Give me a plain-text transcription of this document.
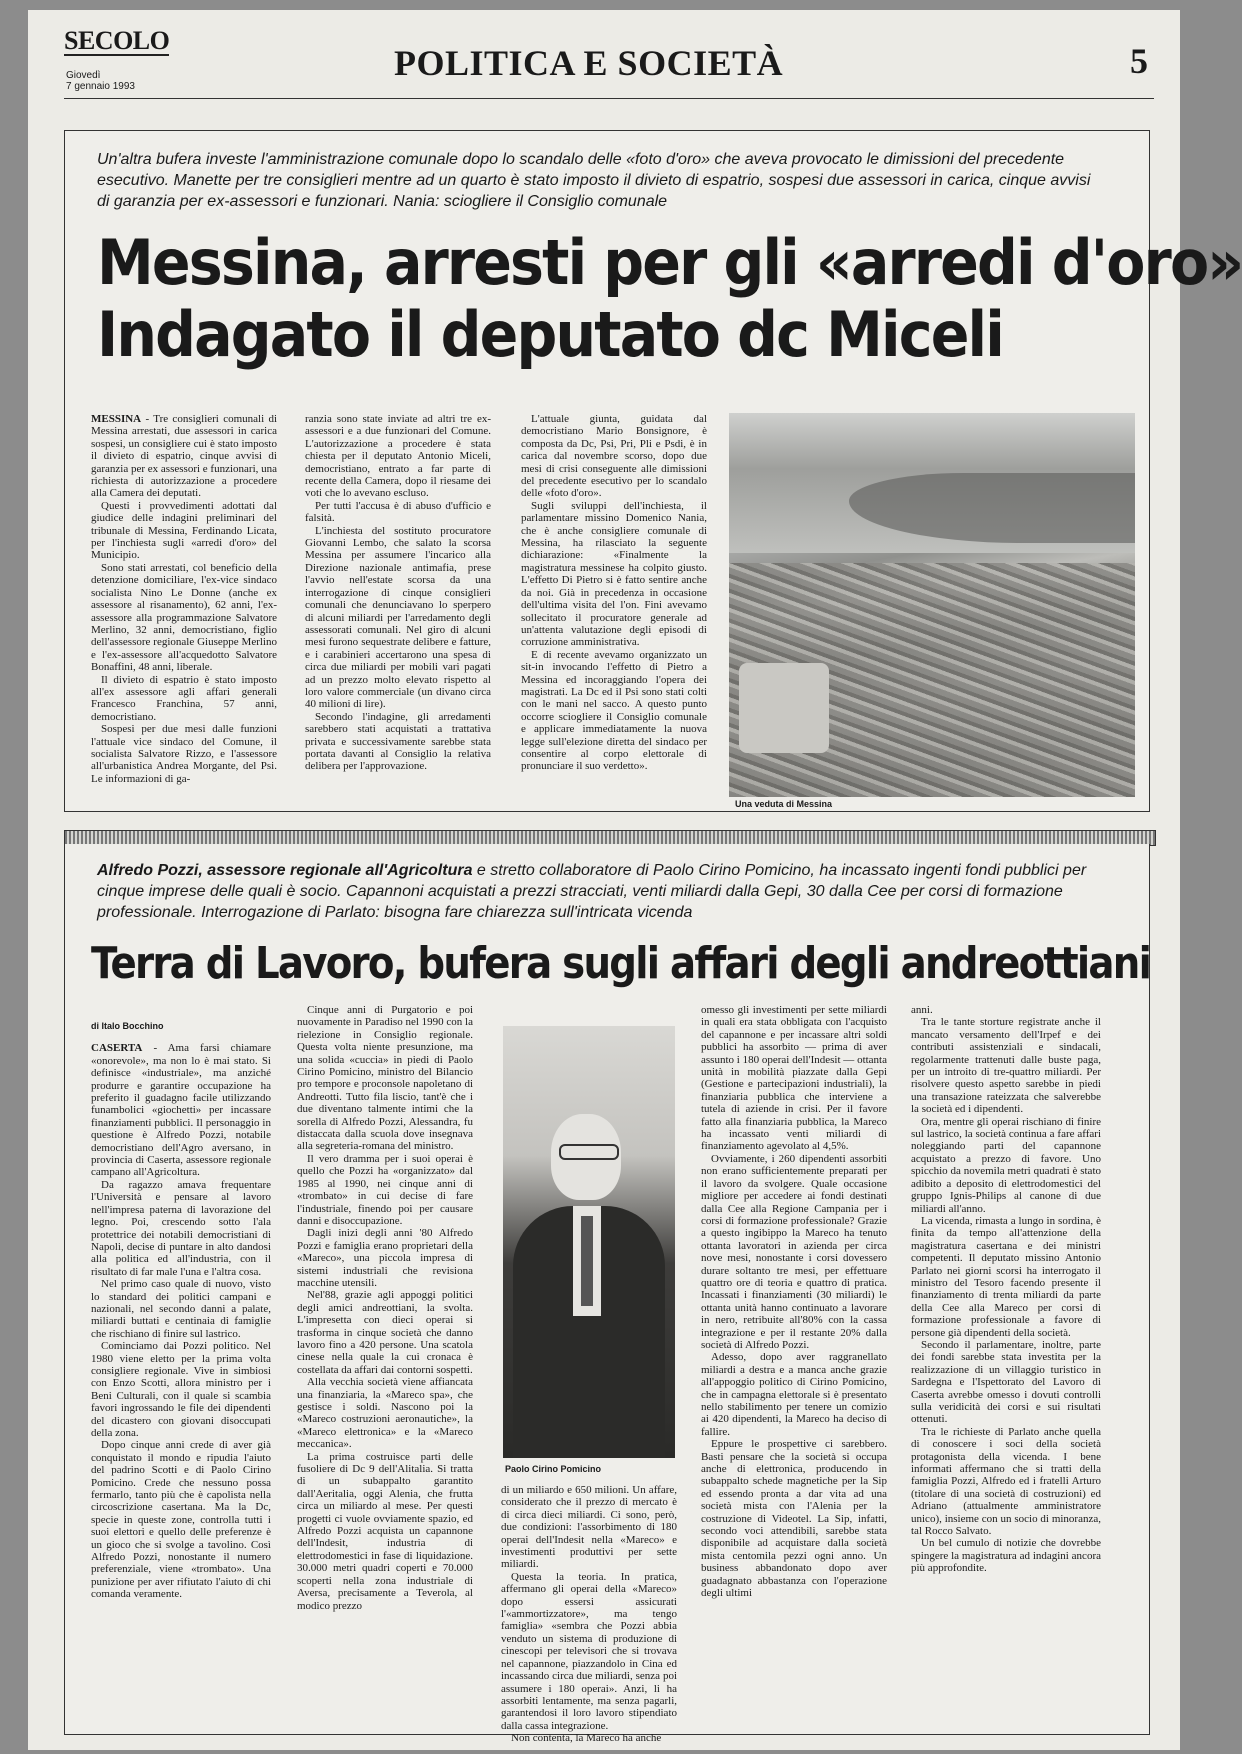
SECOLO
Giovedì
7 gennaio 1993
POLITICA E SOCIETÀ	5
Un'altra bufera investe l'amministrazione comunale dopo lo scandalo delle «foto d'oro» che aveva provocato le dimissioni del precedente esecutivo. Manette per tre consiglieri mentre ad un quarto è stato imposto il divieto di espatrio, sospesi due assessori in carica, cinque avvisi di garanzia per ex-assessori e funzionari. Nania: sciogliere il Consiglio comunale
Messina, arresti per gli «arredi d'oro»
Indagato il deputato dc Miceli

MESSINA - Tre consiglieri comunali di Messina arrestati, due assessori in carica sospesi, un consigliere cui è stato imposto il divieto di espatrio, cinque avvisi di garanzia per ex assessori e funzionari, una richiesta di autorizzazione a procedere alla Camera dei deputati.

Questi i provvedimenti adottati dal giudice delle indagini preliminari del tribunale di Messina, Ferdinando Licata, per l'inchiesta sugli «arredi d'oro» del Municipio.

Sono stati arrestati, col beneficio della detenzione domiciliare, l'ex-vice sindaco socialista Nino Le Donne (anche ex assessore al risanamento), 62 anni, l'ex-assessore alla programmazione Salvatore Merlino, 32 anni, democristiano, figlio dell'assessore regionale Giuseppe Merlino e l'ex-assessore all'acquedotto Salvatore Bonaffini, 48 anni, liberale.

Il divieto di espatrio è stato imposto all'ex assessore agli affari generali Francesco Franchina, 57 anni, democristiano.

Sospesi per due mesi dalle funzioni l'attuale vice sindaco del Comune, il socialista Salvatore Rizzo, e l'assessore all'urbanistica Andrea Morgante, del Psi. Le informazioni di ga-

ranzia sono state inviate ad altri tre ex-assessori e a due funzionari del Comune. L'autorizzazione a procedere è stata chiesta per il deputato Antonio Miceli, democristiano, entrato a far parte di recente della Camera, dopo il riesame dei voti che lo avevano escluso.

Per tutti l'accusa è di abuso d'ufficio e falsità.

L'inchiesta del sostituto procuratore Giovanni Lembo, che salato la scorsa Messina per assumere l'incarico alla Direzione nazionale antimafia, prese l'avvio nell'estate scorsa da una interrogazione di cinque consiglieri comunali che denunciavano lo sperpero di alcuni miliardi per l'arredamento degli assessorati comunali. Nel giro di alcuni mesi furono sequestrate delibere e fatture, e i carabinieri accertarono una spesa di circa due miliardi per mobili vari pagati ad un prezzo molto elevato rispetto al loro valore commerciale (un divano circa 40 milioni di lire).

Secondo l'indagine, gli arredamenti sarebbero stati acquistati a trattativa privata e successivamente sarebbe stata portata davanti al Consiglio la relativa delibera per l'approvazione.

L'attuale giunta, guidata dal democristiano Mario Bonsignore, è composta da Dc, Psi, Pri, Pli e Psdi, è in carica dal novembre scorso, dopo due mesi di crisi conseguente alle dimissioni del precedente esecutivo per lo scandalo delle «foto d'oro».

Sugli sviluppi dell'inchiesta, il parlamentare missino Domenico Nania, che è anche consigliere comunale di Messina, ha rilasciato la seguente dichiarazione: «Finalmente la magistratura messinese ha colpito giusto. L'effetto Di Pietro si è fatto sentire anche da noi. Già in precedenza in occasione dell'ultima visita del l'on. Fini avevamo sollecitato il procuratore generale ad un'attenta valutazione degli episodi di corruzione amministrativa.

E di recente avevamo organizzato un sit-in invocando l'effetto di Pietro a Messina ed incoraggiando l'opera dei magistrati. La Dc ed il Psi sono stati colti con le mani nel sacco. A questo punto occorre sciogliere il Consiglio comunale e applicare immediatamente la nuova legge sull'elezione diretta del sindaco per consentire al corpo elettorale di pronunciare il suo verdetto».

Una veduta di Messina
Alfredo Pozzi, assessore regionale all'Agricoltura e stretto collaboratore di Paolo Cirino Pomicino, ha incassato ingenti fondi pubblici per cinque imprese delle quali è socio. Capannoni acquistati a prezzi stracciati, venti miliardi dalla Gepi, 30 dalla Cee per corsi di formazione professionale. Interrogazione di Parlato: bisogna fare chiarezza sull'intricata vicenda
Terra di Lavoro, bufera sugli affari degli andreottiani
di Italo Bocchino

CASERTA - Ama farsi chiamare «onorevole», ma non lo è mai stato. Si definisce «industriale», ma anziché produrre e garantire occupazione ha preferito il guadagno facile utilizzando funambolici «giochetti» per incassare finanziamenti pubblici. Il personaggio in questione è Alfredo Pozzi, notabile democristiano dell'Agro aversano, in provincia di Caserta, assessore regionale campano all'Agricoltura.

Da ragazzo amava frequentare l'Università e pensare al lavoro nell'impresa paterna di lavorazione del legno. Poi, crescendo sotto l'ala protettrice dei notabili democristiani di Napoli, decise di puntare in alto dandosi alla politica ed all'industria, con il risultato di far male l'una e l'altra cosa.

Nel primo caso quale di nuovo, visto lo standard dei politici campani e nazionali, nel secondo danni a palate, miliardi buttati e centinaia di famiglie che rischiano di finire sul lastrico.

Cominciamo dai Pozzi politico. Nel 1980 viene eletto per la prima volta consigliere regionale. Vive in simbiosi con Enzo Scotti, allora ministro per i Beni Culturali, con il quale si scambia favori ingrossando le file dei dipendenti del dicastero con giovani disoccupati della zona.

Dopo cinque anni crede di aver già conquistato il mondo e ripudia l'aiuto del padrino Scotti e di Paolo Cirino Pomicino. Crede che nessuno possa fermarlo, tanto più che è capolista nella circoscrizione casertana. Ma la Dc, specie in queste zone, controlla tutti i suoi elettori e quello delle preferenze è un gioco che si svolge a tavolino. Così Alfredo Pozzi, nonostante il numero preferenziale, viene «trombato». Una punizione per aver rifiutato l'aiuto di chi comanda veramente.

Cinque anni di Purgatorio e poi nuovamente in Paradiso nel 1990 con la rielezione in Consiglio regionale. Questa volta niente presunzione, ma una solida «cuccia» in piedi di Paolo Cirino Pomicino, ministro del Bilancio pro tempore e proconsole napoletano di Andreotti. Tutto fila liscio, tant'è che i due diventano talmente intimi che la sorella di Alfredo Pozzi, Alessandra, fu distaccata dalla scuola dove insegnava alla segreteria-romana del ministro.

Il vero dramma per i suoi operai è quello che Pozzi ha «organizzato» dal 1985 al 1990, nei cinque anni di «trombato» in cui decise di fare l'industriale, finendo poi per causare danni e disoccupazione.

Dagli inizi degli anni '80 Alfredo Pozzi e famiglia erano proprietari della «Mareco», una piccola impresa di sistemi industriali che revisiona macchine utensili.

Nel'88, grazie agli appoggi politici degli amici andreottiani, la svolta. L'impresetta con dieci operai si trasforma in cinque società che danno lavoro fino a 420 persone. Una scatola cinese nella quale la cui cronaca è costellata da affari dai contorni sospetti.

Alla vecchia società viene affiancata una finanziaria, la «Mareco spa», che gestisce i soldi. Nascono poi la «Mareco costruzioni aeronautiche», la «Mareco elettronica» e la «Mareco meccanica».

La prima costruisce parti delle fusoliere di Dc 9 dell'Alitalia. Si tratta di un subappalto garantito dall'Aeritalia, oggi Alenia, che frutta circa un miliardo al mese. Per questi progetti ci vuole ovviamente spazio, ed Alfredo Pozzi acquista un capannone dell'Indesit, industria di elettrodomestici in fase di liquidazione. 30.000 metri quadri coperti e 70.000 scoperti nella zona industriale di Aversa, precisamente a Teverola, al modico prezzo

Paolo Cirino Pomicino

di un miliardo e 650 milioni. Un affare, considerato che il prezzo di mercato è di circa dieci miliardi. Ci sono, però, due condizioni: l'assorbimento di 180 operai dell'Indesit nella «Mareco» e investimenti produttivi per sette miliardi.

Questa la teoria. In pratica, affermano gli operai della «Mareco» dopo essersi assicurati l'«ammortizzatore», ma tengo famiglia» «sembra che Pozzi abbia venduto un sistema di produzione di cinescopi per televisori che si trovava nel capannone, piazzandolo in Cina ed incassando circa due miliardi, senza poi assumere i 180 operai». Anzi, li ha assorbiti lentamente, ma senza pagarli, garantendosi il loro lavoro stipendiato dalla cassa integrazione.

Non contenta, la Mareco ha anche

omesso gli investimenti per sette miliardi in quali era stata obbligata con l'acquisto del capannone e per incassare altri soldi pubblici ha assorbito — prima di aver assunto i 180 operai dell'Indesit — ottanta unità in mobilità piazzate dalla Gepi (Gestione e partecipazioni industriali), la finanziaria pubblica che interviene a tutela di aziende in crisi. Per il favore fatto alla finanziaria pubblica, la Mareco ha incassato venti miliardi di finanziamento agevolato al 4,5%.

Ovviamente, i 260 dipendenti assorbiti non erano sufficientemente preparati per il lavoro da svolgere. Quale occasione migliore per accedere ai fondi destinati dalla Cee alla Regione Campania per i corsi di formazione professionale? Grazie a questo ingibippo la Mareco ha tenuto ottanta lavoratori in azienda per circa nove mesi, nonostante i corsi dovessero durare soltanto tre mesi, per effettuare quattro ore di teoria e quattro di pratica. Incassati i finanziamenti (30 miliardi) le ottanta unità hanno continuato a lavorare in nero, retribuite all'80% con la cassa integrazione e per il restante 20% dalla società di Alfredo Pozzi.

Adesso, dopo aver raggranellato miliardi a destra e a manca anche grazie all'appoggio politico di Cirino Pomicino, che in campagna elettorale si è presentato nello stabilimento per tenere un comizio ai 420 dipendenti, la Mareco ha deciso di fallire.

Eppure le prospettive ci sarebbero. Basti pensare che la società si occupa anche di elettronica, producendo in subappalto schede magnetiche per la Sip ed essendo pronta a dar vita ad una società mista con l'Alenia per la costruzione di Videotel. La Sip, infatti, secondo voci attendibili, sarebbe stata disponibile ad acquistare dalla società mista centomila pezzi ogni anno. Un business abbandonato dopo aver guadagnato abbastanza con l'operazione degli ultimi

anni.

Tra le tante storture registrate anche il mancato versamento dell'Irpef e dei contributi assistenziali e sindacali, regolarmente trattenuti dalle buste paga, per un introito di tre-quattro miliardi. Per risolvere questo aspetto sarebbe in piedi una transazione rateizzata che salverebbe la società ed i dipendenti.

Ora, mentre gli operai rischiano di finire sul lastrico, la società continua a fare affari noleggiando parti del capannone acquistato a prezzo di favore. Uno spicchio da novemila metri quadrati è stato adibito a deposito di elettrodomestici del gruppo Ignis-Philips al canone di due miliardi all'anno.

La vicenda, rimasta a lungo in sordina, è finita da tempo all'attenzione della magistratura casertana e dei ministri competenti. Il deputato missino Antonio Parlato nei giorni scorsi ha interrogato il ministro del Tesoro facendo presente il finanziamento di trenta miliardi da parte della Cee alla Mareco per corsi di formazione professionale a favore di persone già dipendenti della società.

Secondo il parlamentare, inoltre, parte dei fondi sarebbe stata investita per la realizzazione di un villaggio turistico in Sardegna e l'Ispettorato del Lavoro di Caserta avrebbe omesso i dovuti controlli sulla veridicità dei corsi e sui risultati ottenuti.

Tra le richieste di Parlato anche quella di conoscere i soci della società protagonista della vicenda. I bene informati affermano che si tratti della famiglia Pozzi, Alfredo ed i fratelli Arturo (titolare di una società di costruzioni) ed Adriano (attualmente amministratore unico), insieme con un socio di minoranza, tal Rocco Salvato.

Un bel cumulo di notizie che dovrebbe spingere la magistratura ad indagini ancora più approfondite.
